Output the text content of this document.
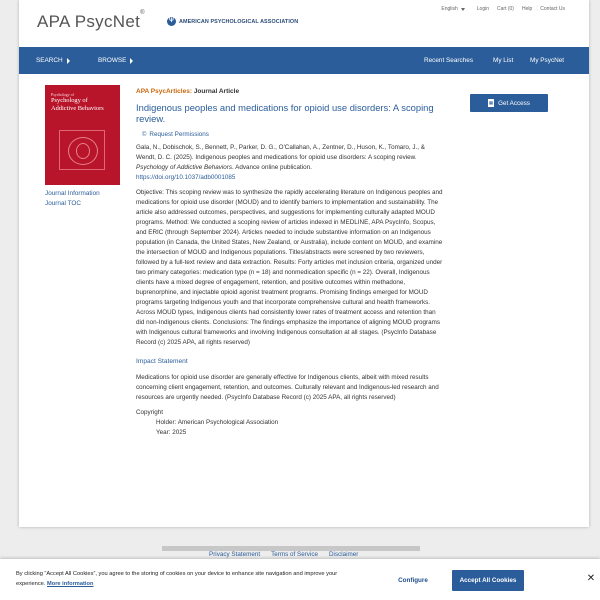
APA PsycNet®
Ψ AMERICAN PSYCHOLOGICAL ASSOCIATION
English	Login Cart (0) Help Contact Us
SEARCH	BROWSE	Recent Searches	My List	My PsycNet
Psychology of
Psychology of Addictive Behaviors
Journal Information
Journal TOC
APA PsycArticles: Journal Article
Indigenous peoples and medications for opioid use disorders: A scoping review.
© Request Permissions
Gala, N., Dobischok, S., Bennett, P., Parker, D. G., O'Callahan, A., Zentner, D., Huson, K., Tomaro, J., & Wendt, D. C. (2025). Indigenous peoples and medications for opioid use disorders: A scoping review. Psychology of Addictive Behaviors. Advance online publication.
https://doi.org/10.1037/adb0001085
Objective: This scoping review was to synthesize the rapidly accelerating literature on Indigenous peoples and medications for opioid use disorder (MOUD) and to identify barriers to implementation and sustainability. The article also addressed outcomes, perspectives, and suggestions for implementing culturally adapted MOUD programs. Method: We conducted a scoping review of articles indexed in MEDLINE, APA PsycInfo, Scopus, and ERIC (through September 2024). Articles needed to include substantive information on an Indigenous population (in Canada, the United States, New Zealand, or Australia), include content on MOUD, and examine the intersection of MOUD and Indigenous populations. Titles/abstracts were screened by two reviewers, followed by a full-text review and data extraction. Results: Forty articles met inclusion criteria, organized under two primary categories: medication type (n = 18) and nonmedication specific (n = 22). Overall, Indigenous clients have a mixed degree of engagement, retention, and positive outcomes within methadone, buprenorphine, and injectable opioid agonist treatment programs. Promising findings emerged for MOUD programs targeting Indigenous youth and that incorporate comprehensive cultural and health frameworks. Across MOUD types, Indigenous clients had consistently lower rates of treatment access and retention than did non-Indigenous clients. Conclusions: The findings emphasize the importance of aligning MOUD programs with Indigenous cultural frameworks and involving Indigenous consultation at all stages. (PsycInfo Database Record (c) 2025 APA, all rights reserved)
Impact Statement
Medications for opioid use disorder are generally effective for Indigenous clients, albeit with mixed results concerning client engagement, retention, and outcomes. Culturally relevant and Indigenous-led research and resources are urgently needed. (PsycInfo Database Record (c) 2025 APA, all rights reserved)
Copyright
Holder: American Psychological Association
Year: 2025
▤ Get Access
Privacy Statement Terms of Service Disclaimer
By clicking “Accept All Cookies”, you agree to the storing of cookies on your device to enhance site navigation and improve your experience. More information	Configure	Accept All Cookies	✕
